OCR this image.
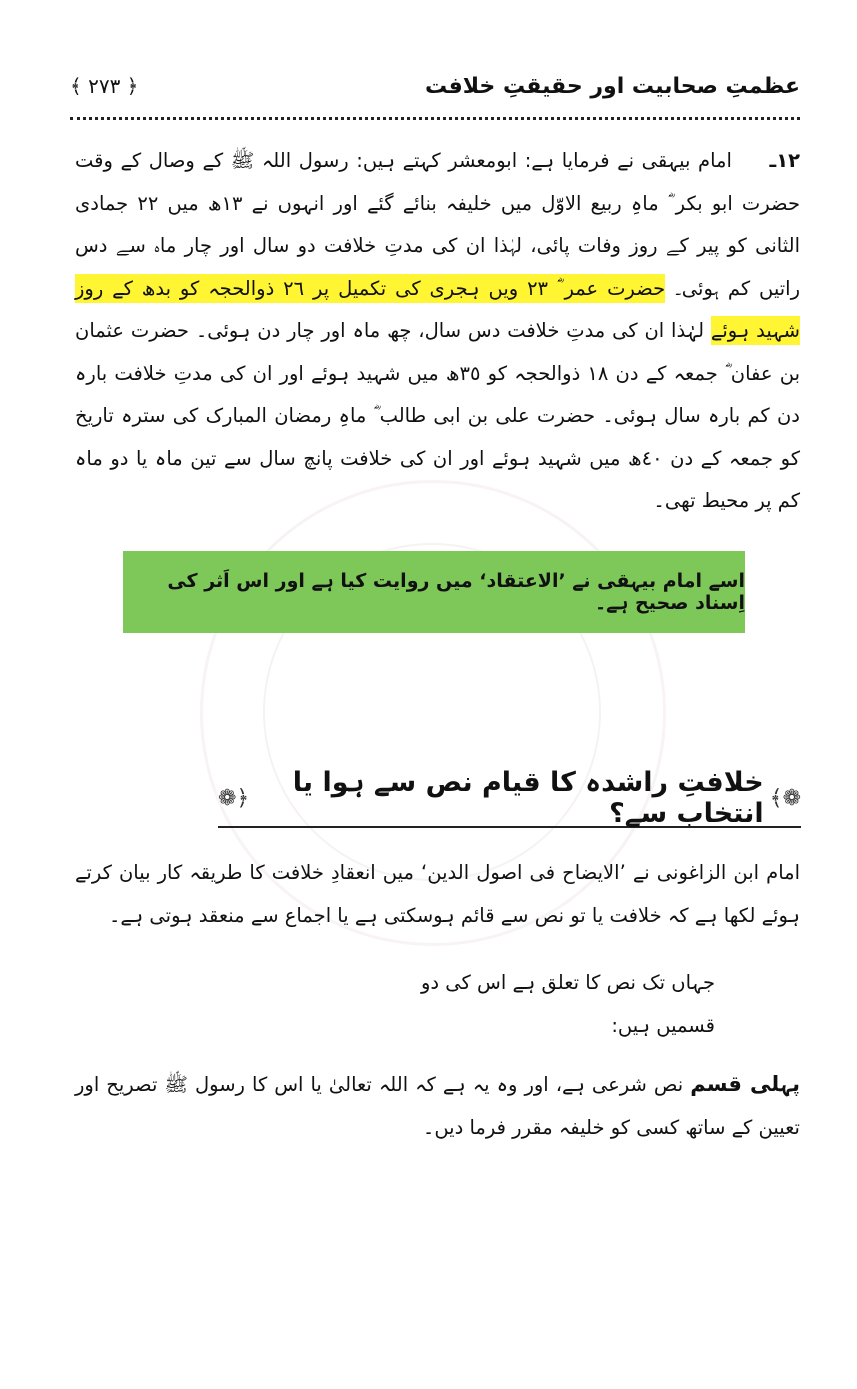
﴿ ٢٧٣ ﴾	عظمتِ صحابیت اور حقیقتِ خلافت
١٢ـ امام بیہقی نے فرمایا ہے: ابومعشر کہتے ہیں: رسول اللہ ﷺ کے وصال کے وقت حضرت ابو بکر ؓ ماہِ ربیع الاوّل میں خلیفہ بنائے گئے اور انہوں نے ١٣ھ میں ٢٢ جمادی الثانی کو پیر کے روز وفات پائی، لہٰذا ان کی مدتِ خلافت دو سال اور چار ماہ سے دس راتیں کم ہوئی۔ حضرت عمر ؓ ٢٣ ویں ہجری کی تکمیل پر ٢٦ ذوالحجہ کو بدھ کے روز شہید ہوئے لہٰذا ان کی مدتِ خلافت دس سال، چھ ماہ اور چار دن ہوئی۔ حضرت عثمان بن عفان ؓ جمعہ کے دن ١٨ ذوالحجہ کو ٣٥ھ میں شہید ہوئے اور ان کی مدتِ خلافت بارہ دن کم بارہ سال ہوئی۔ حضرت علی بن ابی طالب ؓ ماہِ رمضان المبارک کی سترہ تاریخ کو جمعہ کے دن ٤٠ھ میں شہید ہوئے اور ان کی خلافت پانچ سال سے تین ماہ یا دو ماہ کم پر محیط تھی۔
اسے امام بیہقی نے ’الاعتقاد‘ میں روایت کیا ہے اور اس اَثر کی اِسناد صحیح ہے۔
❁﴾
خلافتِ راشدہ کا قیام نص سے ہوا یا انتخاب سے؟
﴿❁
امام ابن الزاغونی نے ’الایضاح فی اصول الدین‘ میں انعقادِ خلافت کا طریقہ کار بیان کرتے ہوئے لکھا ہے کہ خلافت یا تو نص سے قائم ہوسکتی ہے یا اجماع سے منعقد ہوتی ہے۔
جہاں تک نص کا تعلق ہے اس کی دو قسمیں ہیں:
پہلی قسم نص شرعی ہے، اور وہ یہ ہے کہ اللہ تعالیٰ یا اس کا رسول ﷺ تصریح اور تعیین کے ساتھ کسی کو خلیفہ مقرر فرما دیں۔
